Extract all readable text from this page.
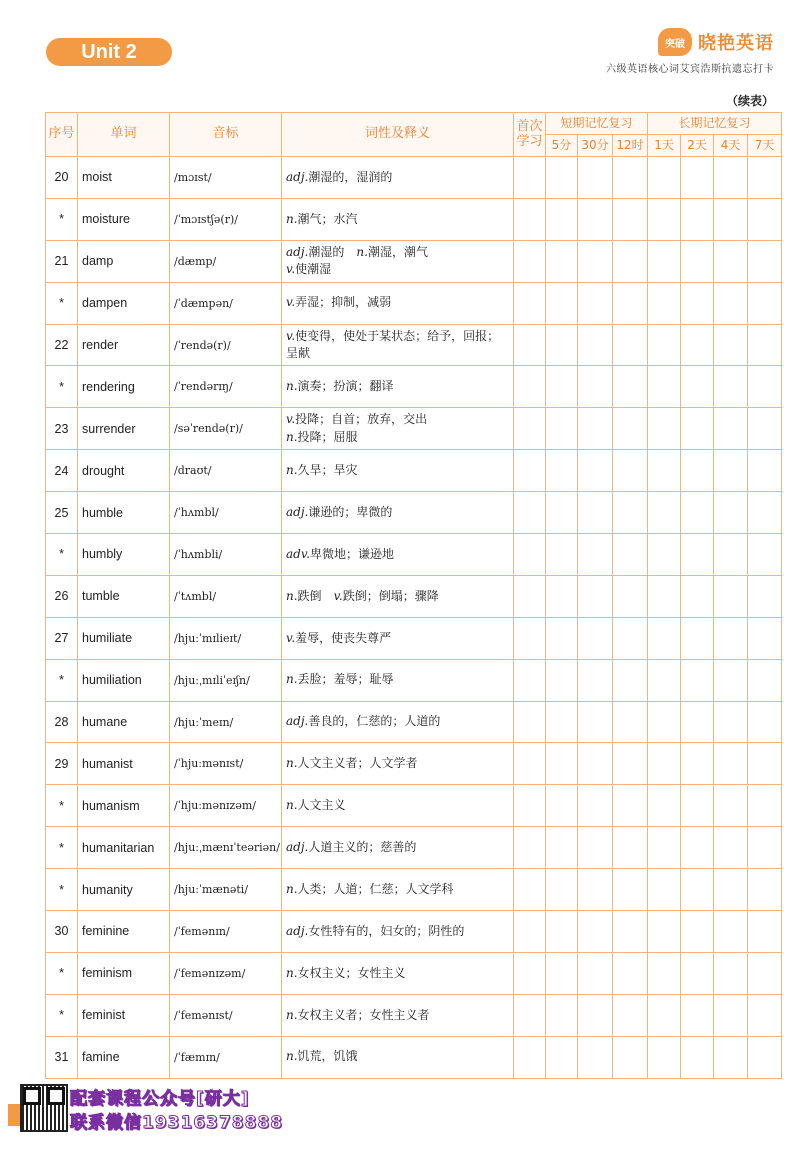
Unit 2	突破 晓艳英语
六级英语核心词艾宾浩斯抗遗忘打卡
（续表）
序号	单词	音标	词性及释义	首次学习	短期记忆复习			长期记忆复习			
					5分	30分	12时	1天	2天	4天	7天
20	moist	/mɔɪst/	adj.潮湿的，湿润的								
*	moisture	/ˈmɔɪstʃə(r)/	n.潮气；水汽								
21	damp	/dæmp/	adj.潮湿的　n.潮湿，潮气
v.使潮湿								
*	dampen	/ˈdæmpən/	v.弄湿；抑制，减弱								
22	render	/ˈrendə(r)/	v.使变得，使处于某状态；给予，回报；呈献								
*	rendering	/ˈrendərɪŋ/	n.演奏；扮演；翻译								
23	surrender	/səˈrendə(r)/	v.投降；自首；放弃，交出
n.投降；屈服								
24	drought	/draʊt/	n.久旱；旱灾								
25	humble	/ˈhʌmbl/	adj.谦逊的；卑微的								
*	humbly	/ˈhʌmbli/	adv.卑微地；谦逊地								
26	tumble	/ˈtʌmbl/	n.跌倒　v.跌倒；倒塌；骤降								
27	humiliate	/hjuːˈmɪlieɪt/	v.羞辱，使丧失尊严								
*	humiliation	/hjuːˌmɪliˈeɪʃn/	n.丢脸；羞辱；耻辱								
28	humane	/hjuːˈmeɪn/	adj.善良的，仁慈的；人道的								
29	humanist	/ˈhjuːmənɪst/	n.人文主义者；人文学者								
*	humanism	/ˈhjuːmənɪzəm/	n.人文主义								
*	humanitarian	/hjuːˌmænɪˈteəriən/	adj.人道主义的；慈善的								
*	humanity	/hjuːˈmænəti/	n.人类；人道；仁慈；人文学科								
30	feminine	/ˈfemənɪn/	adj.女性特有的，妇女的；阴性的								
*	feminism	/ˈfemənɪzəm/	n.女权主义；女性主义								
*	feminist	/ˈfemənɪst/	n.女权主义者；女性主义者								
31	famine	/ˈfæmɪn/	n.饥荒，饥饿								
配套课程公众号[研大]
联系微信19316378888
